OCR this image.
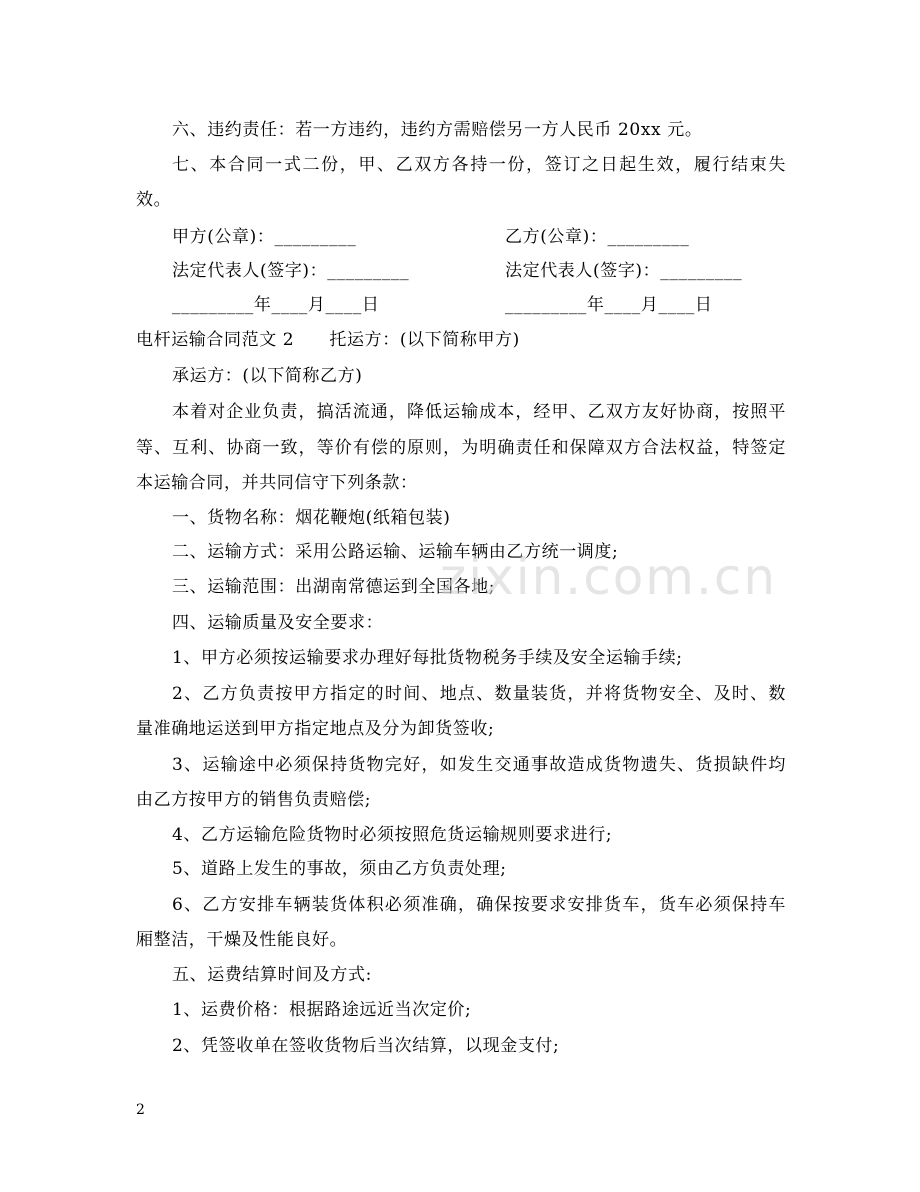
六、违约责任：若一方违约，违约方需赔偿另一方人民币 20xx 元。
七、本合同一式二份，甲、乙双方各持一份，签订之日起生效，履行结束失
效。
甲方(公章)：_________	乙方(公章)：_________
法定代表人(签字)：_________	法定代表人(签字)：_________
_________年____月____日	_________年____月____日
电杆运输合同范文 2　　托运方：(以下简称甲方)
承运方：(以下简称乙方)
本着对企业负责，搞活流通，降低运输成本，经甲、乙双方友好协商，按照平
等、互利、协商一致，等价有偿的原则，为明确责任和保障双方合法权益，特签定
本运输合同，并共同信守下列条款：
一、货物名称：烟花鞭炮(纸箱包装)
二、运输方式：采用公路运输、运输车辆由乙方统一调度;
三、运输范围：出湖南常德运到全国各地;
四、运输质量及安全要求：
1、甲方必须按运输要求办理好每批货物税务手续及安全运输手续;
2、乙方负责按甲方指定的时间、地点、数量装货，并将货物安全、及时、数
量准确地运送到甲方指定地点及分为卸货签收;
3、运输途中必须保持货物完好，如发生交通事故造成货物遗失、货损缺件均
由乙方按甲方的销售负责赔偿;
4、乙方运输危险货物时必须按照危货运输规则要求进行;
5、道路上发生的事故，须由乙方负责处理;
6、乙方安排车辆装货体积必须准确，确保按要求安排货车，货车必须保持车
厢整洁，干燥及性能良好。
五、运费结算时间及方式:
1、运费价格：根据路途远近当次定价;
2、凭签收单在签收货物后当次结算，以现金支付;
zixin.com.cn
2
